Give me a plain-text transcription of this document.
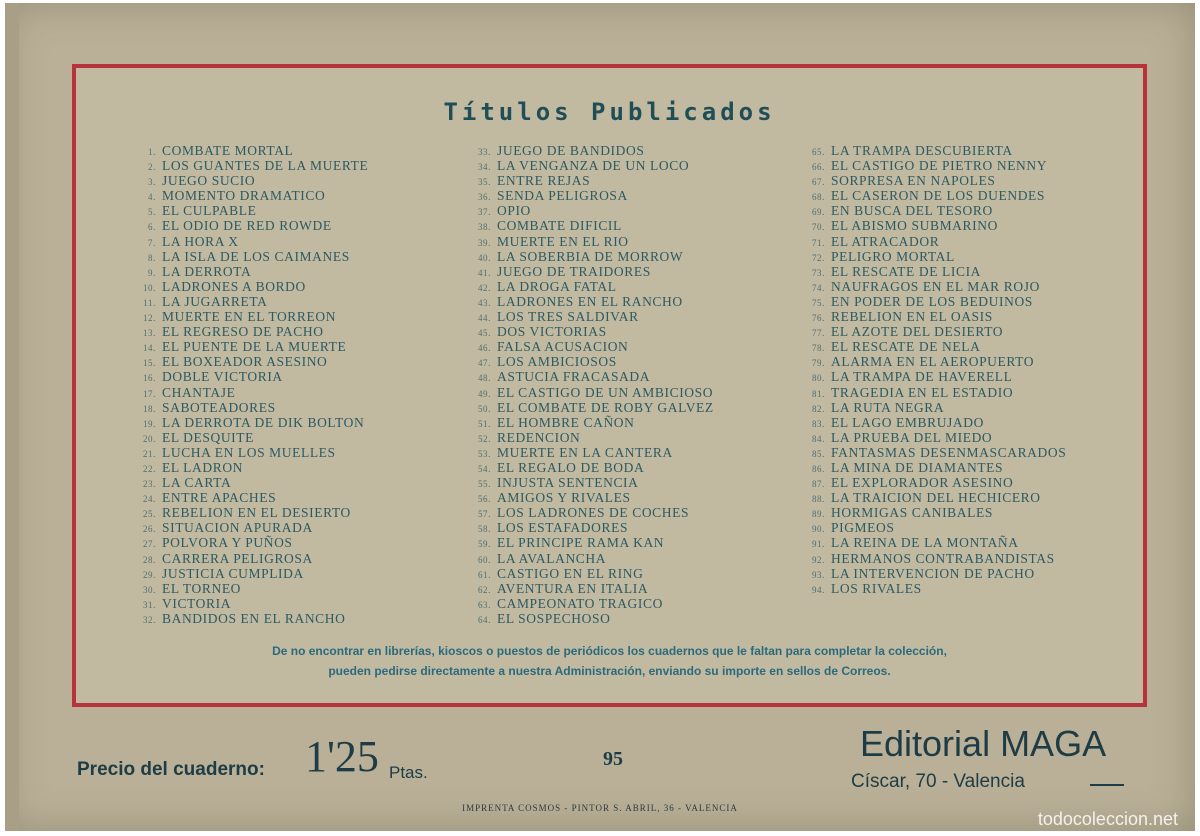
Títulos Publicados
1. COMBATE MORTAL
2. LOS GUANTES DE LA MUERTE
3. JUEGO SUCIO
4. MOMENTO DRAMATICO
5. EL CULPABLE
6. EL ODIO DE RED ROWDE
7. LA HORA X
8. LA ISLA DE LOS CAIMANES
9. LA DERROTA
10. LADRONES A BORDO
11. LA JUGARRETA
12. MUERTE EN EL TORREON
13. EL REGRESO DE PACHO
14. EL PUENTE DE LA MUERTE
15. EL BOXEADOR ASESINO
16. DOBLE VICTORIA
17. CHANTAJE
18. SABOTEADORES
19. LA DERROTA DE DIK BOLTON
20. EL DESQUITE
21. LUCHA EN LOS MUELLES
22. EL LADRON
23. LA CARTA
24. ENTRE APACHES
25. REBELION EN EL DESIERTO
26. SITUACION APURADA
27. POLVORA Y PUÑOS
28. CARRERA PELIGROSA
29. JUSTICIA CUMPLIDA
30. EL TORNEO
31. VICTORIA
32. BANDIDOS EN EL RANCHO
33. JUEGO DE BANDIDOS
34. LA VENGANZA DE UN LOCO
35. ENTRE REJAS
36. SENDA PELIGROSA
37. OPIO
38. COMBATE DIFICIL
39. MUERTE EN EL RIO
40. LA SOBERBIA DE MORROW
41. JUEGO DE TRAIDORES
42. LA DROGA FATAL
43. LADRONES EN EL RANCHO
44. LOS TRES SALDIVAR
45. DOS VICTORIAS
46. FALSA ACUSACION
47. LOS AMBICIOSOS
48. ASTUCIA FRACASADA
49. EL CASTIGO DE UN AMBICIOSO
50. EL COMBATE DE ROBY GALVEZ
51. EL HOMBRE CAÑON
52. REDENCION
53. MUERTE EN LA CANTERA
54. EL REGALO DE BODA
55. INJUSTA SENTENCIA
56. AMIGOS Y RIVALES
57. LOS LADRONES DE COCHES
58. LOS ESTAFADORES
59. EL PRINCIPE RAMA KAN
60. LA AVALANCHA
61. CASTIGO EN EL RING
62. AVENTURA EN ITALIA
63. CAMPEONATO TRAGICO
64. EL SOSPECHOSO
65. LA TRAMPA DESCUBIERTA
66. EL CASTIGO DE PIETRO NENNY
67. SORPRESA EN NAPOLES
68. EL CASERON DE LOS DUENDES
69. EN BUSCA DEL TESORO
70. EL ABISMO SUBMARINO
71. EL ATRACADOR
72. PELIGRO MORTAL
73. EL RESCATE DE LICIA
74. NAUFRAGOS EN EL MAR ROJO
75. EN PODER DE LOS BEDUINOS
76. REBELION EN EL OASIS
77. EL AZOTE DEL DESIERTO
78. EL RESCATE DE NELA
79. ALARMA EN EL AEROPUERTO
80. LA TRAMPA DE HAVERELL
81. TRAGEDIA EN EL ESTADIO
82. LA RUTA NEGRA
83. EL LAGO EMBRUJADO
84. LA PRUEBA DEL MIEDO
85. FANTASMAS DESENMASCARADOS
86. LA MINA DE DIAMANTES
87. EL EXPLORADOR ASESINO
88. LA TRAICION DEL HECHICERO
89. HORMIGAS CANIBALES
90. PIGMEOS
91. LA REINA DE LA MONTAÑA
92. HERMANOS CONTRABANDISTAS
93. LA INTERVENCION DE PACHO
94. LOS RIVALES
De no encontrar en librerías, kioscos o puestos de periódicos los cuadernos que le faltan para completar la colección,
pueden pedirse directamente a nuestra Administración, enviando su importe en sellos de Correos.
Precio del cuaderno: 1'25 Ptas.
95	Editorial MAGA
Císcar, 70 - Valencia
IMPRENTA COSMOS - PINTOR S. ABRIL, 36 - VALENCIA
todocoleccion.net
